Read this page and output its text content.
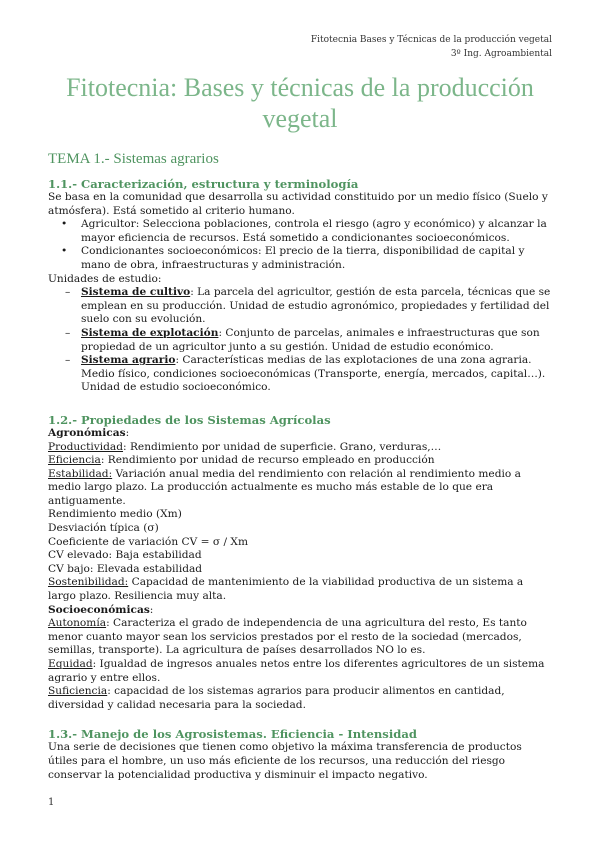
Fitotecnia Bases y Técnicas de la producción vegetal
3º Ing. Agroambiental
Fitotecnia: Bases y técnicas de la producción vegetal
TEMA 1.- Sistemas agrarios
1.1.- Caracterización, estructura y terminología

Se basa en la comunidad que desarrolla su actividad constituido por un medio físico (Suelo y atmósfera). Está sometido al criterio humano.

• Agricultor: Selecciona poblaciones, controla el riesgo (agro y económico) y alcanzar la mayor eficiencia de recursos. Está sometido a condicionantes socioeconómicos.
• Condicionantes socioeconómicos: El precio de la tierra, disponibilidad de capital y mano de obra, infraestructuras y administración.

Unidades de estudio:

– Sistema de cultivo: La parcela del agricultor, gestión de esta parcela, técnicas que se emplean en su producción. Unidad de estudio agronómico, propiedades y fertilidad del suelo con su evolución.
– Sistema de explotación: Conjunto de parcelas, animales e infraestructuras que son propiedad de un agricultor junto a su gestión. Unidad de estudio económico.
– Sistema agrario: Características medias de las explotaciones de una zona agraria. Medio físico, condiciones socioeconómicas (Transporte, energía, mercados, capital…). Unidad de estudio socioeconómico.
1.2.- Propiedades de los Sistemas Agrícolas

Agronómicas:

Productividad: Rendimiento por unidad de superficie. Grano, verduras,…

Eficiencia: Rendimiento por unidad de recurso empleado en producción

Estabilidad: Variación anual media del rendimiento con relación al rendimiento medio a medio largo plazo. La producción actualmente es mucho más estable de lo que era antiguamente.

Rendimiento medio (Xm)

Desviación típica (σ)

Coeficiente de variación CV = σ / Xm

CV elevado: Baja estabilidad

CV bajo: Elevada estabilidad

Sostenibilidad: Capacidad de mantenimiento de la viabilidad productiva de un sistema a largo plazo. Resiliencia muy alta.

Socioeconómicas:

Autonomía: Caracteriza el grado de independencia de una agricultura del resto, Es tanto menor cuanto mayor sean los servicios prestados por el resto de la sociedad (mercados, semillas, transporte). La agricultura de países desarrollados NO lo es.

Equidad: Igualdad de ingresos anuales netos entre los diferentes agricultores de un sistema agrario y entre ellos.

Suficiencia: capacidad de los sistemas agrarios para producir alimentos en cantidad, diversidad y calidad necesaria para la sociedad.

1.3.- Manejo de los Agrosistemas. Eficiencia - Intensidad

Una serie de decisiones que tienen como objetivo la máxima transferencia de productos útiles para el hombre, un uso más eficiente de los recursos, una reducción del riesgo conservar la potencialidad productiva y disminuir el impacto negativo.

1
